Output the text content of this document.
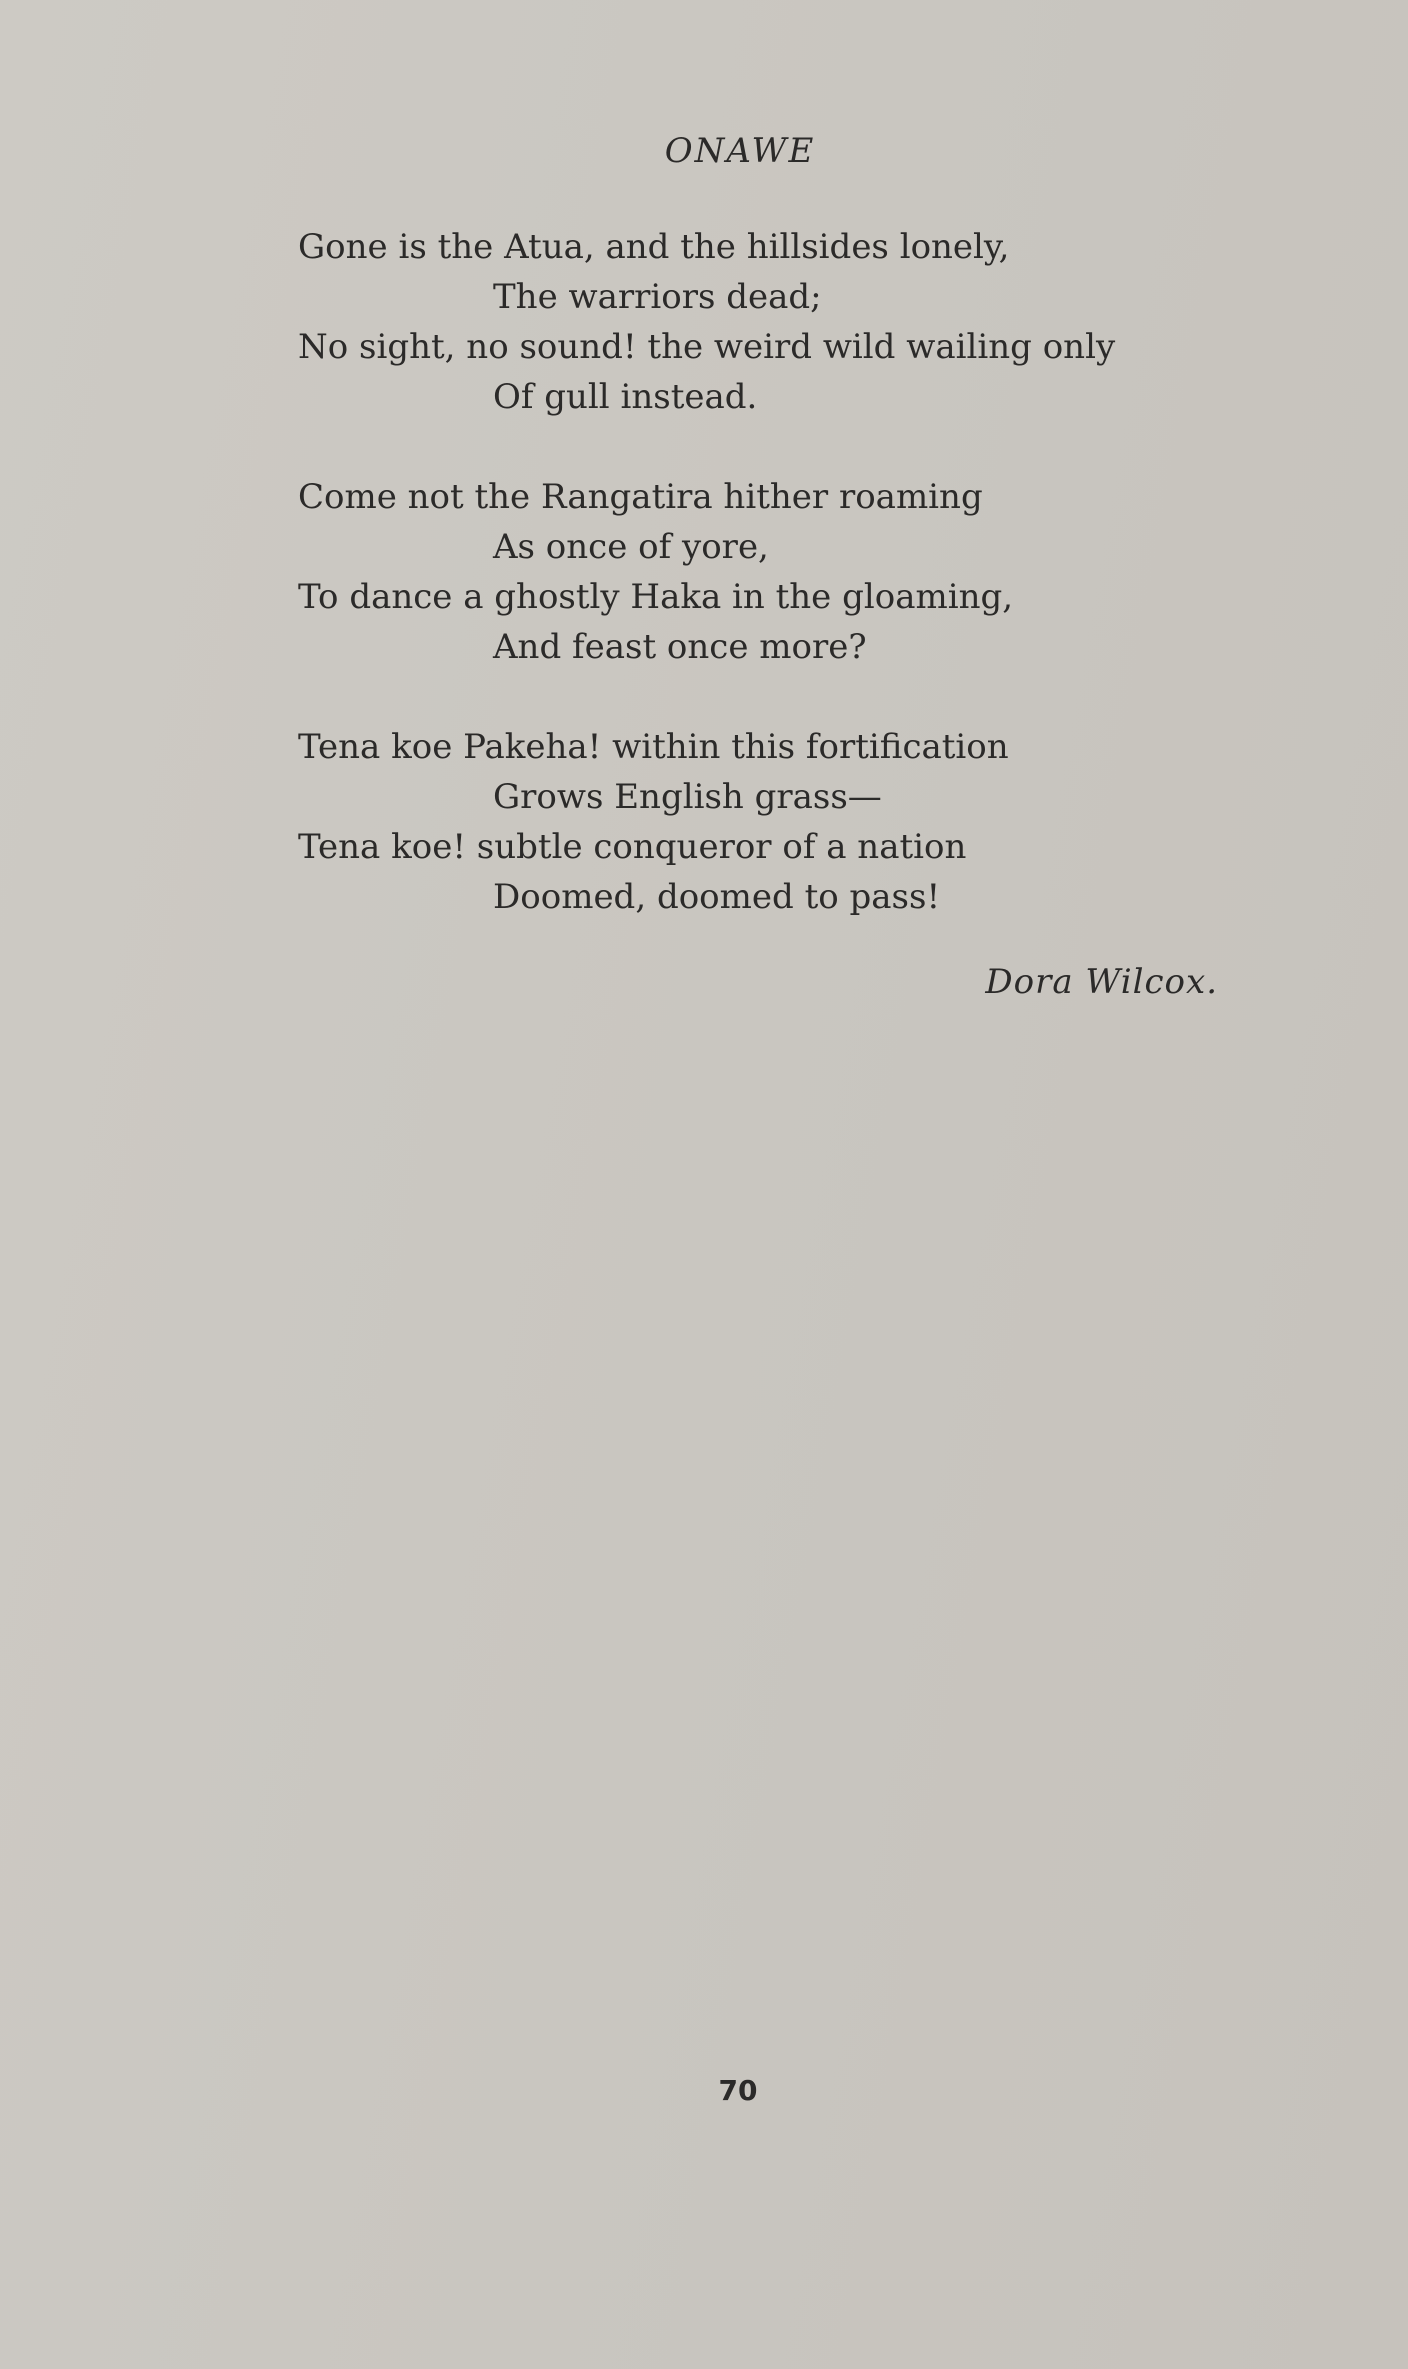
ONAWE
Gone is the Atua, and the hillsides lonely,
The warriors dead;
No sight, no sound! the weird wild wailing only
Of gull instead.
Come not the Rangatira hither roaming
As once of yore,
To dance a ghostly Haka in the gloaming,
And feast once more?
Tena koe Pakeha! within this fortification
Grows English grass—
Tena koe! subtle conqueror of a nation
Doomed, doomed to pass!
Dora Wilcox.
70
